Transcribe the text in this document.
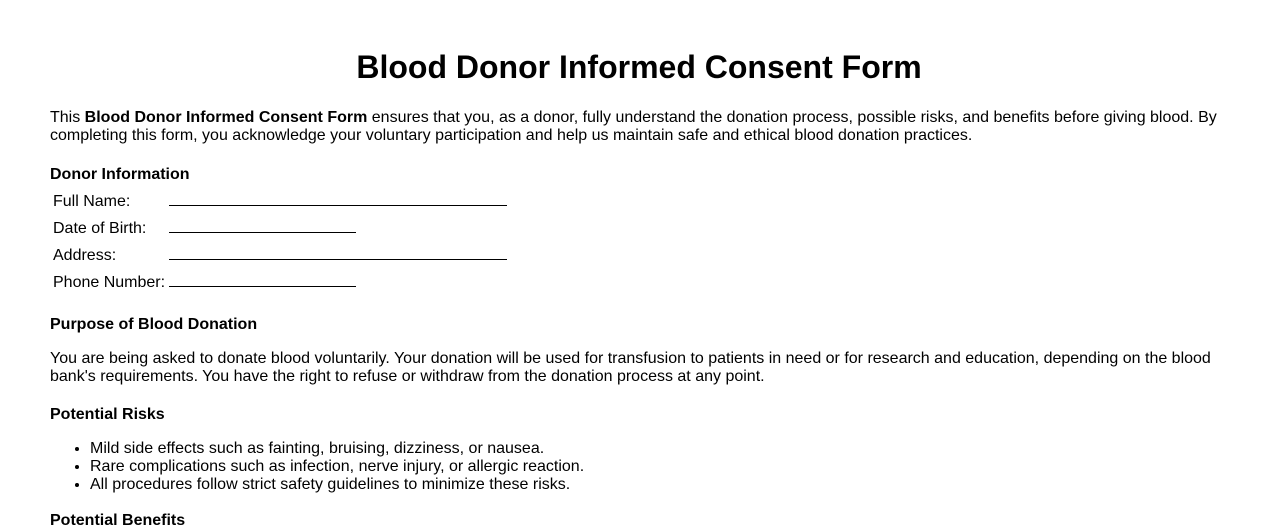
Blood Donor Informed Consent Form

This Blood Donor Informed Consent Form ensures that you, as a donor, fully understand the donation process, possible risks, and benefits before giving blood. By completing this form, you acknowledge your voluntary participation and help us maintain safe and ethical blood donation practices.

Donor Information

Full Name:	
Date of Birth:	
Address:	
Phone Number:	

Purpose of Blood Donation

You are being asked to donate blood voluntarily. Your donation will be used for transfusion to patients in need or for research and education, depending on the blood bank's requirements. You have the right to refuse or withdraw from the donation process at any point.

Potential Risks

• Mild side effects such as fainting, bruising, dizziness, or nausea.
• Rare complications such as infection, nerve injury, or allergic reaction.
• All procedures follow strict safety guidelines to minimize these risks.

Potential Benefits
